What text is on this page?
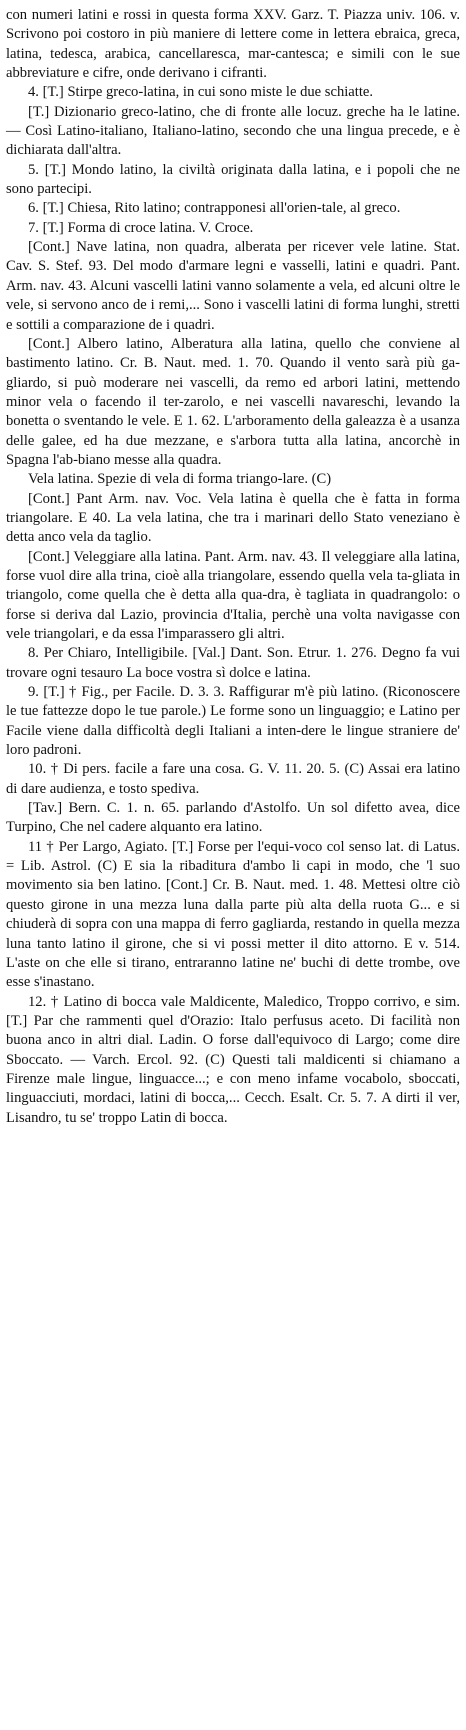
con numeri latini e rossi in questa forma XXV. Garz. T. Piazza univ. 106. v. Scrivono poi costoro in più maniere di lettere come in lettera ebraica, greca, latina, tedesca, arabica, cancellaresca, mar-cantesca; e simili con le sue abbreviature e cifre, onde derivano i cifranti.
4. [T.] Stirpe greco-latina, in cui sono miste le due schiatte.
[T.] Dizionario greco-latino, che di fronte alle locuz. greche ha le latine. — Così Latino-italiano, Italiano-latino, secondo che una lingua precede, e è dichiarata dall'altra.
5. [T.] Mondo latino, la civiltà originata dalla latina, e i popoli che ne sono partecipi.
6. [T.] Chiesa, Rito latino; contrapponesi all'orien-tale, al greco.
7. [T.] Forma di croce latina. V. Croce.
[Cont.] Nave latina, non quadra, alberata per ricever vele latine. Stat. Cav. S. Stef. 93. Del modo d'armare legni e vasselli, latini e quadri. Pant. Arm. nav. 43. Alcuni vascelli latini vanno solamente a vela, ed alcuni oltre le vele, si servono anco de i remi,... Sono i vascelli latini di forma lunghi, stretti e sottili a comparazione de i quadri.
[Cont.] Albero latino, Alberatura alla latina, quello che conviene al bastimento latino. Cr. B. Naut. med. 1. 70. Quando il vento sarà più ga-gliardo, si può moderare nei vascelli, da remo ed arbori latini, mettendo minor vela o facendo il ter-zarolo, e nei vascelli navareschi, levando la bonetta o sventando le vele. E 1. 62. L'arboramento della galeazza è a usanza delle galee, ed ha due mezzane, e s'arbora tutta alla latina, ancorchè in Spagna l'ab-biano messe alla quadra.
Vela latina. Spezie di vela di forma triango-lare. (C)
[Cont.] Pant Arm. nav. Voc. Vela latina è quella che è fatta in forma triangolare. E 40. La vela latina, che tra i marinari dello Stato veneziano è detta anco vela da taglio.
[Cont.] Veleggiare alla latina. Pant. Arm. nav. 43. Il veleggiare alla latina, forse vuol dire alla trina, cioè alla triangolare, essendo quella vela ta-gliata in triangolo, come quella che è detta alla qua-dra, è tagliata in quadrangolo: o forse si deriva dal Lazio, provincia d'Italia, perchè una volta navigasse con vele triangolari, e da essa l'imparassero gli altri.
8. Per Chiaro, Intelligibile. [Val.] Dant. Son. Etrur. 1. 276. Degno fa vui trovare ogni tesauro La boce vostra sì dolce e latina.
9. [T.] † Fig., per Facile. D. 3. 3. Raffigurar m'è più latino. (Riconoscere le tue fattezze dopo le tue parole.) Le forme sono un linguaggio; e Latino per Facile viene dalla difficoltà degli Italiani a inten-dere le lingue straniere de' loro padroni.
10. † Di pers. facile a fare una cosa. G. V. 11. 20. 5. (C) Assai era latino di dare audienza, e tosto spediva.
[Tav.] Bern. C. 1. n. 65. parlando d'Astolfo. Un sol difetto avea, dice Turpino, Che nel cadere alquanto era latino.
11 † Per Largo, Agiato. [T.] Forse per l'equi-voco col senso lat. di Latus. = Lib. Astrol. (C) E sia la ribaditura d'ambo li capi in modo, che 'l suo movimento sia ben latino. [Cont.] Cr. B. Naut. med. 1. 48. Mettesi oltre ciò questo girone in una mezza luna dalla parte più alta della ruota G... e si chiuderà di sopra con una mappa di ferro gagliarda, restando in quella mezza luna tanto latino il girone, che si vi possi metter il dito attorno. E v. 514. L'aste on che elle si tirano, entraranno latine ne' buchi di dette trombe, ove esse s'inastano.
12. † Latino di bocca vale Maldicente, Maledico, Troppo corrivo, e sim. [T.] Par che rammenti quel d'Orazio: Italo perfusus aceto. Di facilità non buona anco in altri dial. Ladin. O forse dall'equivoco di Largo; come dire Sboccato. — Varch. Ercol. 92. (C) Questi tali maldicenti si chiamano a Firenze male lingue, linguacce...; e con meno infame vocabolo, sboccati, linguacciuti, mordaci, latini di bocca,... Cecch. Esalt. Cr. 5. 7. A dirti il ver, Lisandro, tu se' troppo Latin di bocca.
